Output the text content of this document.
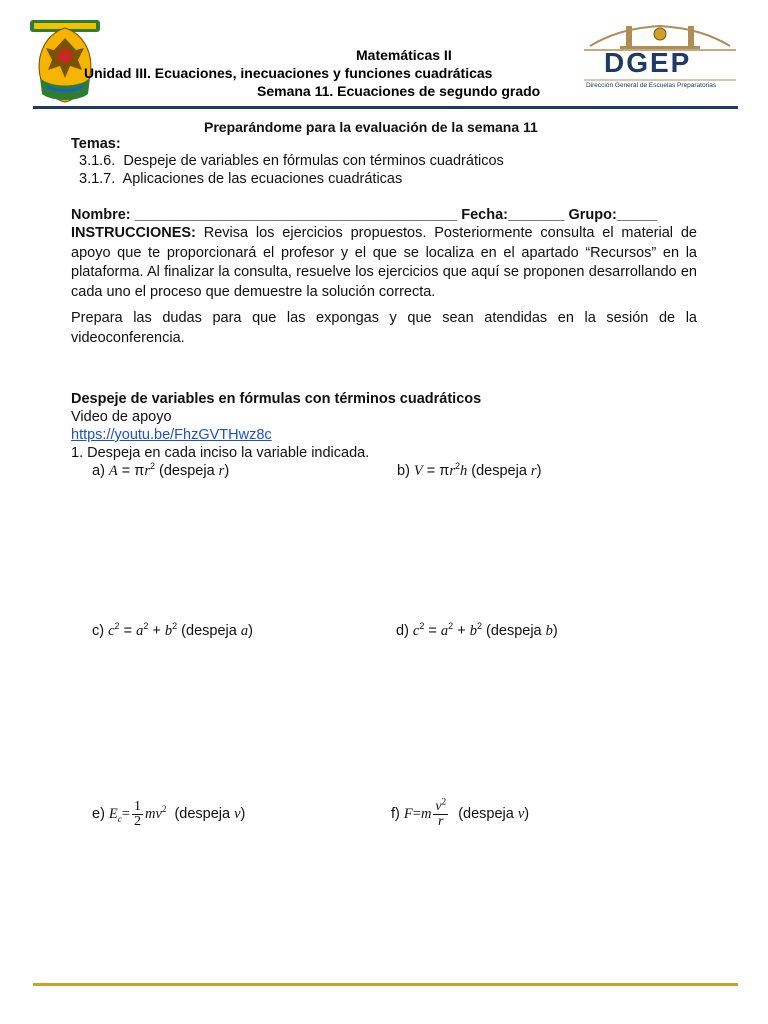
Matemáticas II
Unidad III. Ecuaciones, inecuaciones y funciones cuadráticas
Semana 11. Ecuaciones de segundo grado
DGEP
Dirección General de Escuelas Preparatorias
Preparándome para la evaluación de la semana 11
Temas:
3.1.6. Despeje de variables en fórmulas con términos cuadráticos
3.1.7. Aplicaciones de las ecuaciones cuadráticas
Nombre: ________________________________________ Fecha:_______ Grupo:_____
INSTRUCCIONES: Revisa los ejercicios propuestos. Posteriormente consulta el material de apoyo que te proporcionará el profesor y el que se localiza en el apartado “Recursos” en la plataforma. Al finalizar la consulta, resuelve los ejercicios que aquí se proponen desarrollando en cada uno el proceso que demuestre la solución correcta.
Prepara las dudas para que las expongas y que sean atendidas en la sesión de la videoconferencia.
Despeje de variables en fórmulas con términos cuadráticos
Video de apoyo
https://youtu.be/FhzGVTHwz8c
1. Despeja en cada inciso la variable indicada.
a) $A = \pi r^2$ (despeja r)	b) $V = \pi r^2h$ (despeja r)
c) $c^2 = a^2 + b^2$ (despeja a)	d) $c^2 = a^2 + b^2$ (despeja b)
e) $E_c= \frac{1}{2} mv^2$  (despeja v)	f) $F=m \frac{v^2}{r}$ (despeja v)
